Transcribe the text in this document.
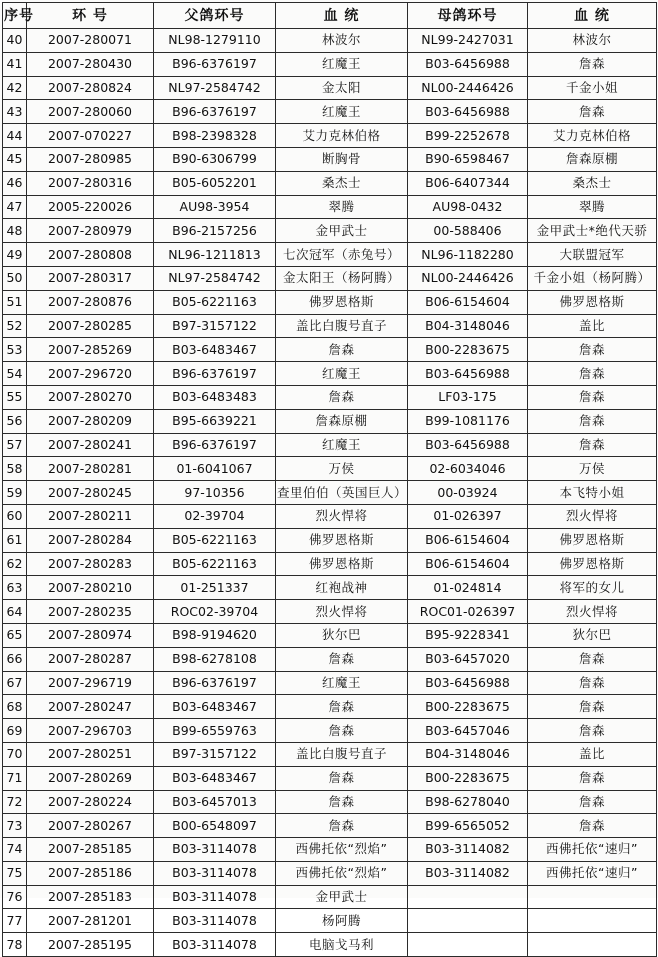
序号	环 号	父鸽环号	血 统	母鸽环号	血 统
40	2007-280071	NL98-1279110	林波尔	NL99-2427031	林波尔
41	2007-280430	B96-6376197	红魔王	B03-6456988	詹森
42	2007-280824	NL97-2584742	金太阳	NL00-2446426	千金小姐
43	2007-280060	B96-6376197	红魔王	B03-6456988	詹森
44	2007-070227	B98-2398328	艾力克林伯格	B99-2252678	艾力克林伯格
45	2007-280985	B90-6306799	断胸骨	B90-6598467	詹森原棚
46	2007-280316	B05-6052201	桑杰士	B06-6407344	桑杰士
47	2005-220026	AU98-3954	翠腾	AU98-0432	翠腾
48	2007-280979	B96-2157256	金甲武士	00-588406	金甲武士*绝代天骄
49	2007-280808	NL96-1211813	七次冠军（赤兔号）	NL96-1182280	大联盟冠军
50	2007-280317	NL97-2584742	金太阳王（杨阿腾）	NL00-2446426	千金小姐（杨阿腾）
51	2007-280876	B05-6221163	佛罗恩格斯	B06-6154604	佛罗恩格斯
52	2007-280285	B97-3157122	盖比白腹号直子	B04-3148046	盖比
53	2007-285269	B03-6483467	詹森	B00-2283675	詹森
54	2007-296720	B96-6376197	红魔王	B03-6456988	詹森
55	2007-280270	B03-6483483	詹森	LF03-175	詹森
56	2007-280209	B95-6639221	詹森原棚	B99-1081176	詹森
57	2007-280241	B96-6376197	红魔王	B03-6456988	詹森
58	2007-280281	01-6041067	万侯	02-6034046	万侯
59	2007-280245	97-10356	查里伯伯（英国巨人）	00-03924	本飞特小姐
60	2007-280211	02-39704	烈火悍将	01-026397	烈火悍将
61	2007-280284	B05-6221163	佛罗恩格斯	B06-6154604	佛罗恩格斯
62	2007-280283	B05-6221163	佛罗恩格斯	B06-6154604	佛罗恩格斯
63	2007-280210	01-251337	红袍战神	01-024814	将军的女儿
64	2007-280235	ROC02-39704	烈火悍将	ROC01-026397	烈火悍将
65	2007-280974	B98-9194620	狄尔巴	B95-9228341	狄尔巴
66	2007-280287	B98-6278108	詹森	B03-6457020	詹森
67	2007-296719	B96-6376197	红魔王	B03-6456988	詹森
68	2007-280247	B03-6483467	詹森	B00-2283675	詹森
69	2007-296703	B99-6559763	詹森	B03-6457046	詹森
70	2007-280251	B97-3157122	盖比白腹号直子	B04-3148046	盖比
71	2007-280269	B03-6483467	詹森	B00-2283675	詹森
72	2007-280224	B03-6457013	詹森	B98-6278040	詹森
73	2007-280267	B00-6548097	詹森	B99-6565052	詹森
74	2007-285185	B03-3114078	西佛托依“烈焰”	B03-3114082	西佛托依“速归”
75	2007-285186	B03-3114078	西佛托依“烈焰”	B03-3114082	西佛托依“速归”
76	2007-285183	B03-3114078	金甲武士		
77	2007-281201	B03-3114078	杨阿腾		
78	2007-285195	B03-3114078	电脑戈马利		
